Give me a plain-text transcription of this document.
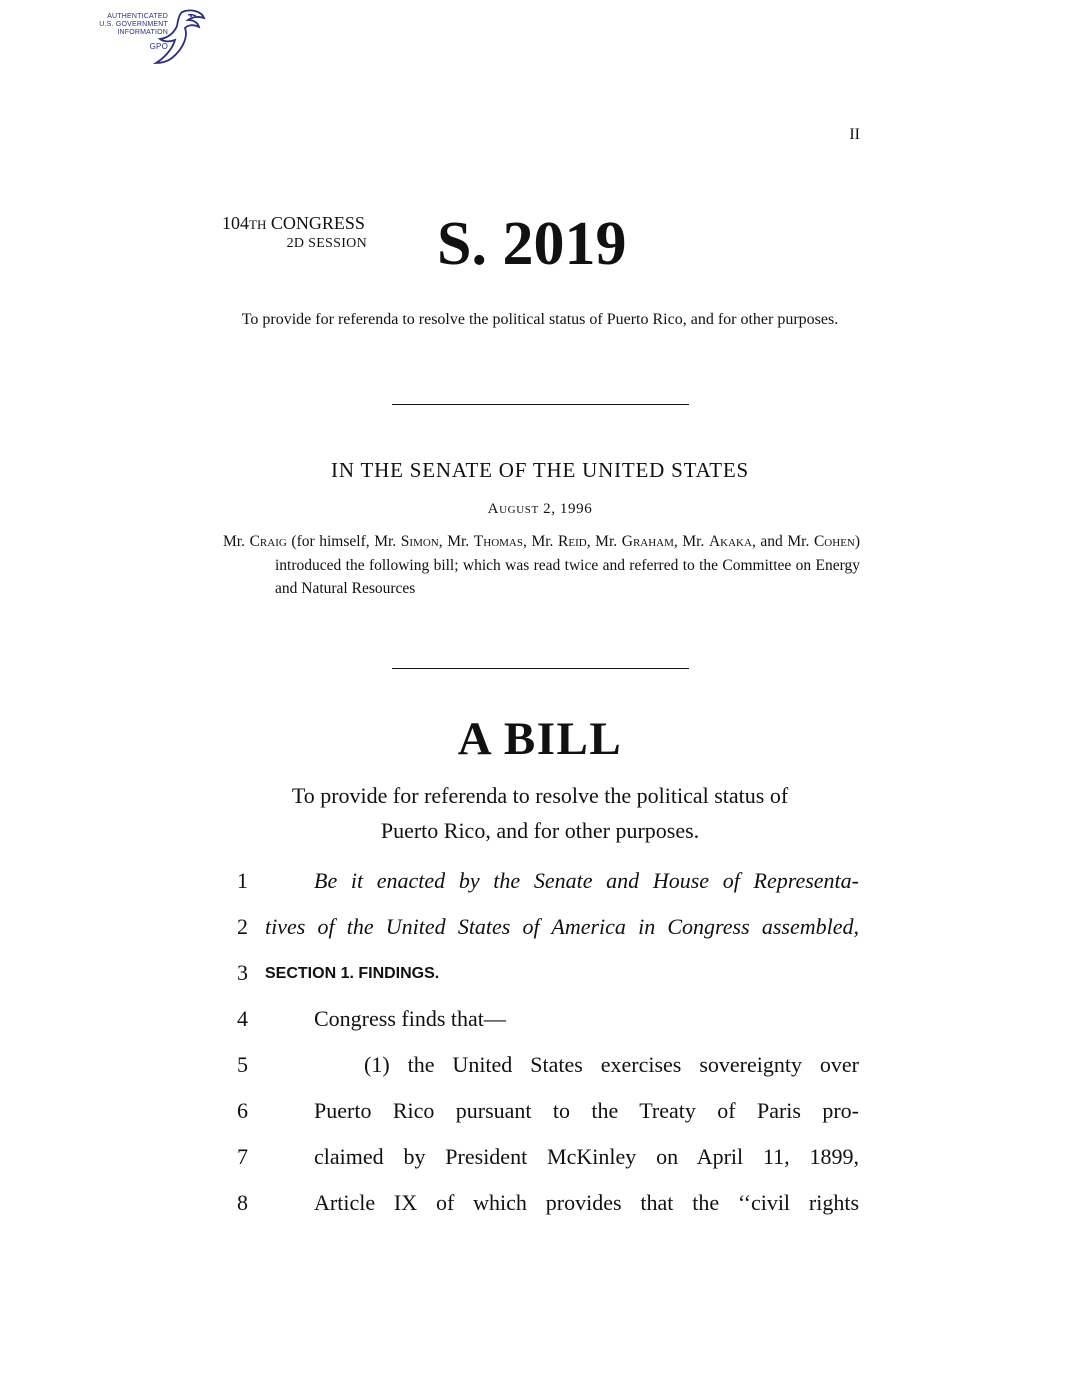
AUTHENTICATED
U.S. GOVERNMENT
INFORMATION
GPO
II
104TH CONGRESS
2D SESSION S. 2019
To provide for referenda to resolve the political status of Puerto Rico, and for other purposes.
IN THE SENATE OF THE UNITED STATES
August 2, 1996
Mr. Craig (for himself, Mr. Simon, Mr. Thomas, Mr. Reid, Mr. Graham, Mr. Akaka, and Mr. Cohen) introduced the following bill; which was read twice and referred to the Committee on Energy and Natural Resources
A BILL
To provide for referenda to resolve the political status of
Puerto Rico, and for other purposes.
1	Be it enacted by the Senate and House of Representa-
2 tives of the United States of America in Congress assembled,
3 SECTION 1. FINDINGS.
4	Congress finds that—
5	(1) the United States exercises sovereignty over
6	Puerto Rico pursuant to the Treaty of Paris pro-
7	claimed by President McKinley on April 11, 1899,
8	Article IX of which provides that the ‘‘civil rights
